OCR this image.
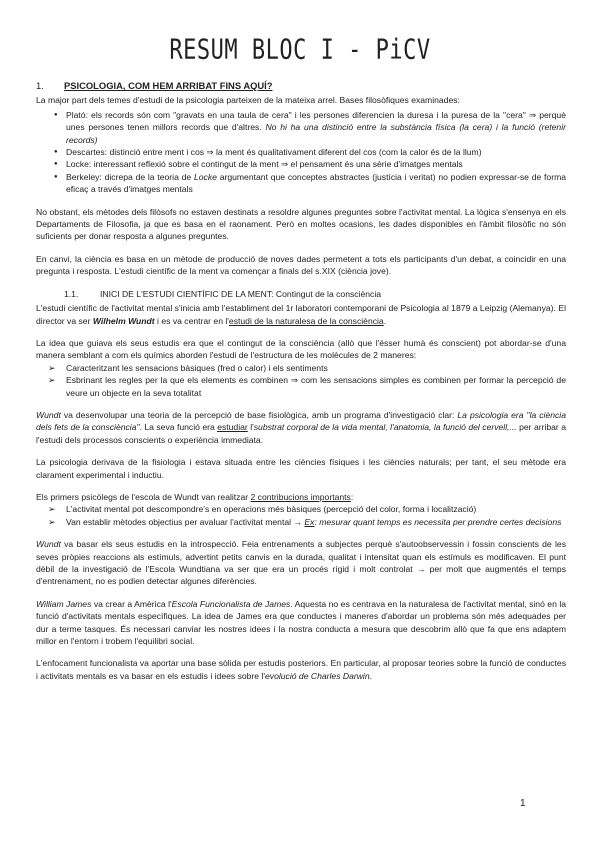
RESUM BLOC I - PiCV
1. PSICOLOGIA, COM HEM ARRIBAT FINS AQUÍ?

La major part dels temes d'estudi de la psicologia parteixen de la mateixa arrel. Bases filosòfiques examinades:

● Plató: els records són com "gravats en una taula de cera" i les persones diferencien la duresa i la puresa de la "cera" ⇒ perquè unes persones tenen millors records que d'altres. No hi ha una distinció entre la substància física (la cera) i la funció (retenir records)
● Descartes: distinció entre ment i cos ⇒ la ment és qualitativament diferent del cos (com la calor és de la llum)
● Locke: interessant reflexió sobre el contingut de la ment ⇒ el pensament és una sèrie d'imatges mentals
● Berkeley: dicrepa de la teoria de Locke argumentant que conceptes abstractes (justícia i veritat) no podien expressar-se de forma eficaç a través d'imatges mentals

No obstant, els mètodes dels filòsofs no estaven destinats a resoldre algunes preguntes sobre l'activitat mental. La lògica s'ensenya en els Departaments de Filosofia, ja que es basa en el raonament. Però en moltes ocasions, les dades disponibles en l'àmbit filosòfic no són suficients per donar resposta a algunes preguntes.

En canvi, la ciència es basa en un mètode de producció de noves dades permetent a tots els participants d'un debat, a coincidir en una pregunta i resposta. L'estudi científic de la ment va començar a finals del s.XIX (ciència jove).

1.1.	INICI DE L'ESTUDI CIENTÍFIC DE LA MENT: Contingut de la consciència

L'estudi científic de l'activitat mental s'inicia amb l'establiment del 1r laboratori contemporani de Psicologia al 1879 a Leipzig (Alemanya). El director va ser Wilhelm Wundt i es va centrar en l'estudi de la naturalesa de la consciència.

La idea que guiava els seus estudis era que el contingut de la consciència (allò que l'ésser humà és conscient) pot abordar-se d'una manera semblant a com els químics aborden l'estudi de l'estructura de les molècules de 2 maneres:

➢ Caracteritzant les sensacions bàsiques (fred o calor) i els sentiments
➢ Esbrinant les regles per la que els elements es combinen ⇒ com les sensacions simples es combinen per formar la percepció de veure un objecte en la seva totalitat

Wundt va desenvolupar una teoria de la percepció de base fisiològica, amb un programa d'investigació clar: La psicologia era "la ciència dels fets de la consciència". La seva funció era estudiar l'substrat corporal de la vida mental, l'anatomia, la funció del cervell,... per arribar a l'estudi dels processos conscients o experiència immediata.

La psicologia derivava de la fisiologia i estava situada entre les ciències físiques i les ciències naturals; per tant, el seu mètode era clarament experimental i inductiu.

Els primers psicòlegs de l'escola de Wundt van realitzar 2 contribucions importants:

➢ L'activitat mental pot descompondre's en operacions més bàsiques (percepció del color, forma i localització)
➢ Van establir mètodes objectius per avaluar l'activitat mental → Ex: mesurar quant temps es necessita per prendre certes decisions

Wundt va basar els seus estudis en la introspecció. Feia entrenaments a subjectes perquè s'autoobservessin i fossin conscients de les seves pròpies reaccions als estímuls, advertint petits canvis en la durada, qualitat i intensitat quan els estímuls es modificaven. El punt dèbil de la investigació de l'Escola Wundtiana va ser que era un procés rígid i molt controlat → per molt que augmentés el temps d'entrenament, no es podien detectar algunes diferències.

William James va crear a Amèrica l'Escola Funcionalista de James. Aquesta no es centrava en la naturalesa de l'activitat mental, sinó en la funció d'activitats mentals específiques. La idea de James era que conductes i maneres d'abordar un problema són més adequades per dur a terme tasques. És necessari canviar les nostres idees i la nostra conducta a mesura que descobrim allò que fa que ens adaptem millor en l'entorn i trobem l'equilibri social.

L'enfocament funcionalista va aportar una base sòlida per estudis posteriors. En particular, al proposar teories sobre la funció de conductes i activitats mentals es va basar en els estudis i idees sobre l'evolució de Charles Darwin.

1
